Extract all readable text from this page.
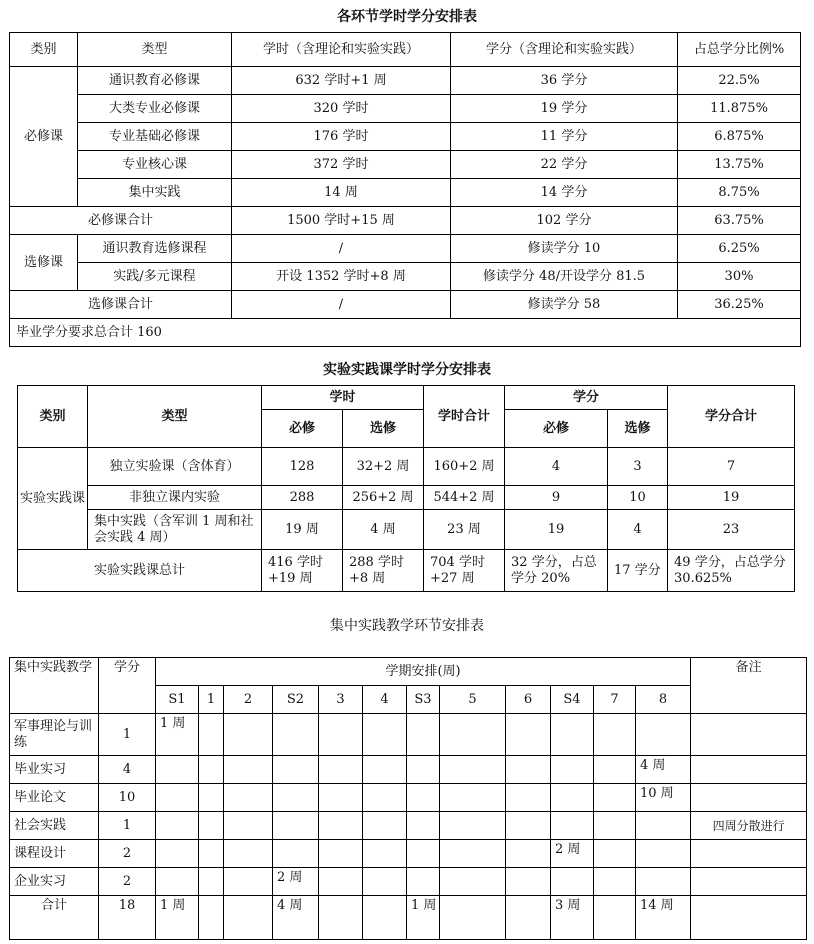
各环节学时学分安排表
类别	类型	学时（含理论和实验实践）	学分（含理论和实验实践）	占总学分比例%
必修课	通识教育必修课	632 学时+1 周	36 学分	22.5%
	大类专业必修课	320 学时	19 学分	11.875%
	专业基础必修课	176 学时	11 学分	6.875%
	专业核心课	372 学时	22 学分	13.75%
	集中实践	14 周	14 学分	8.75%
必修课合计		1500 学时+15 周	102 学分	63.75%
选修课	通识教育选修课程	/	修读学分 10	6.25%
	实践/多元课程	开设 1352 学时+8 周	修读学分 48/开设学分 81.5	30%
选修课合计		/	修读学分 58	36.25%
毕业学分要求总合计 160				
实验实践课学时学分安排表
类别	类型	学时		学时合计	学分		学分合计
		必修	选修		必修	选修	
实验实践课	独立实验课（含体育）	128	32+2 周	160+2 周	4	3	7
	非独立课内实验	288	256+2 周	544+2 周	9	10	19
	集中实践（含军训 1 周和社会实践 4 周）	19 周	4 周	23 周	19	4	23
实验实践课总计		416 学时+19 周	288 学时+8 周	704 学时+27 周	32 学分，占总学分 20%	17 学分	49 学分，占总学分 30.625%
集中实践教学环节安排表
集中实践教学	学分	学期安排(周)												备注
		S1	1	2	S2	3	4	S3	5	6	S4	7	8	
军事理论与训练	1	1 周												
毕业实习	4												4 周	
毕业论文	10												10 周	
社会实践	1													四周分散进行
课程设计	2										2 周			
企业实习	2				2 周									
合计	18	1 周			4 周			1 周			3 周		14 周	
